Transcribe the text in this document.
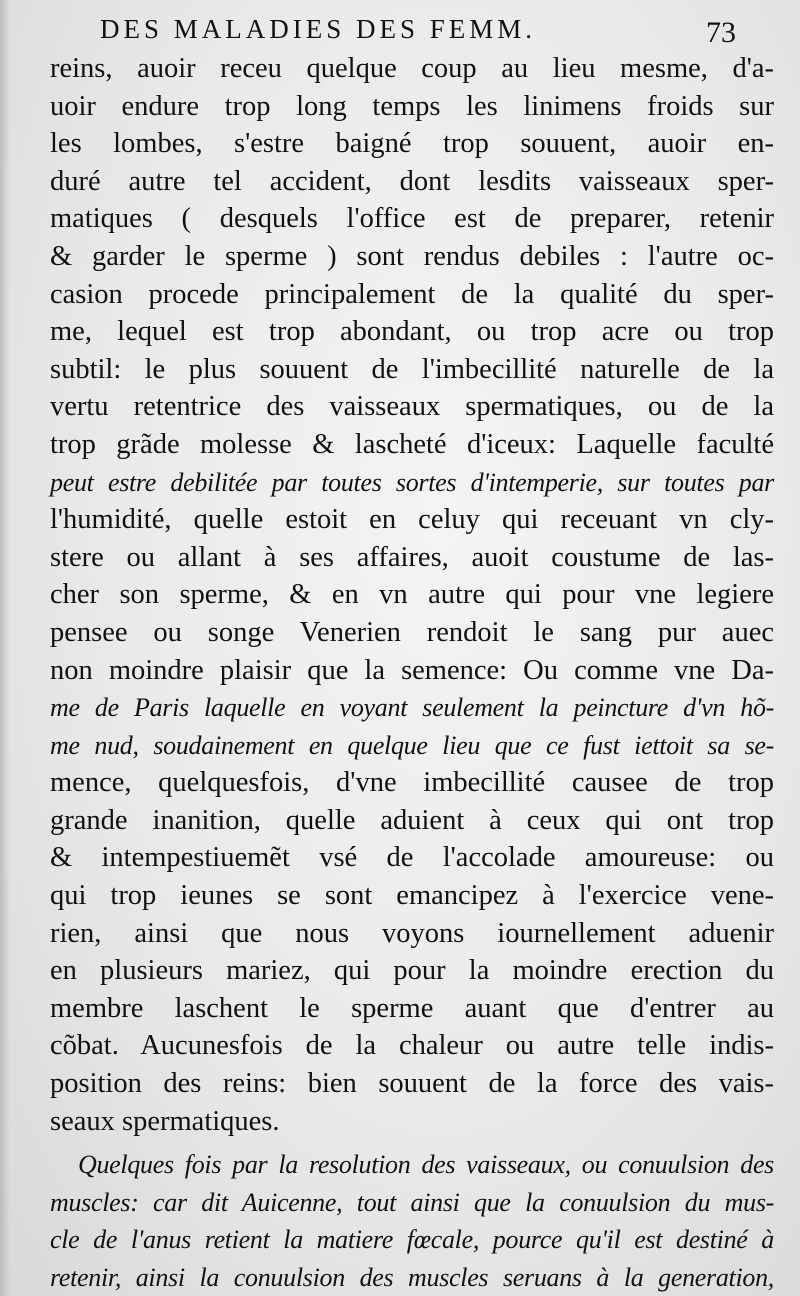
DES MALADIES DES FEMM.	73
reins, auoir receu quelque coup au lieu mesme, d'a-
uoir endure trop long temps les linimens froids sur
les lombes, s'estre baigné trop souuent, auoir en-
duré autre tel accident, dont lesdits vaisseaux sper-
matiques ( desquels l'office est de preparer, retenir
& garder le sperme ) sont rendus debiles : l'autre oc-
casion procede principalement de la qualité du sper-
me, lequel est trop abondant, ou trop acre ou trop
subtil: le plus souuent de l'imbecillité naturelle de la
vertu retentrice des vaisseaux spermatiques, ou de la
trop grãde molesse & lascheté d'iceux: Laquelle faculté
peut estre debilitée par toutes sortes d'intemperie, sur toutes par
l'humidité, quelle estoit en celuy qui receuant vn cly-
stere ou allant à ses affaires, auoit coustume de las-
cher son sperme, & en vn autre qui pour vne legiere
pensee ou songe Venerien rendoit le sang pur auec
non moindre plaisir que la semence: Ou comme vne Da-
me de Paris laquelle en voyant seulement la peincture d'vn hõ-
me nud, soudainement en quelque lieu que ce fust iettoit sa se-
mence, quelquesfois, d'vne imbecillité causee de trop
grande inanition, quelle aduient à ceux qui ont trop
& intempestiuemẽt vsé de l'accolade amoureuse: ou
qui trop ieunes se sont emancipez à l'exercice vene-
rien, ainsi que nous voyons iournellement aduenir
en plusieurs mariez, qui pour la moindre erection du
membre laschent le sperme auant que d'entrer au
cõbat. Aucunesfois de la chaleur ou autre telle indis-
position des reins: bien souuent de la force des vais-
seaux spermatiques.
Quelques fois par la resolution des vaisseaux, ou conuulsion des
muscles: car dit Auicenne, tout ainsi que la conuulsion du mus-
cle de l'anus retient la matiere fœcale, pource qu'il est destiné à
retenir, ainsi la conuulsion des muscles seruans à la generation,
